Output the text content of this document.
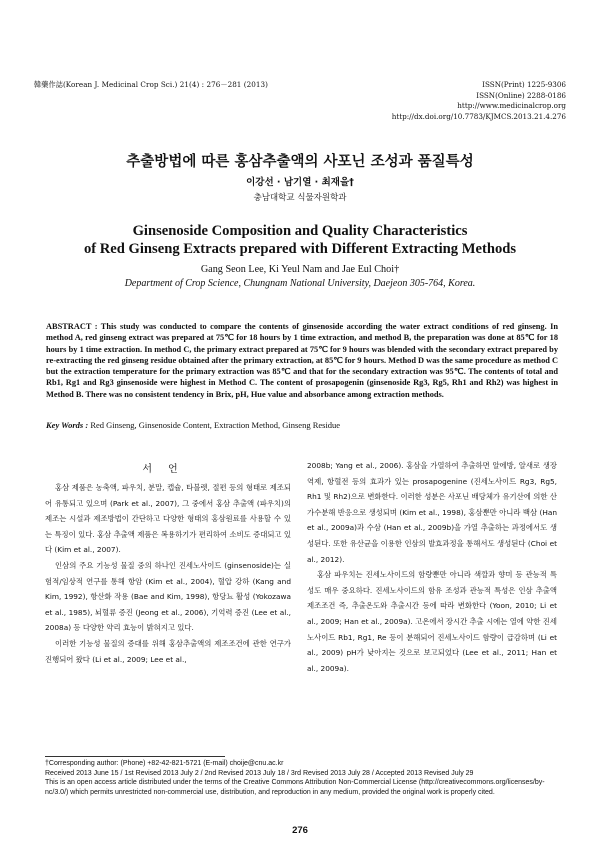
韓藥作誌(Korean J. Medicinal Crop Sci.) 21(4) : 276－281 (2013)	ISSN(Print) 1225-9306
ISSN(Online) 2288-0186
http://www.medicinalcrop.org
http://dx.doi.org/10.7783/KJMCS.2013.21.4.276
추출방법에 따른 홍삼추출액의 사포닌 조성과 품질특성
이강선 · 남기열 · 최재을†
충남대학교 식물자원학과
Ginsenoside Composition and Quality Characteristics
of Red Ginseng Extracts prepared with Different Extracting Methods
Gang Seon Lee, Ki Yeul Nam and Jae Eul Choi†
Department of Crop Science, Chungnam National University, Daejeon 305-764, Korea.
ABSTRACT : This study was conducted to compare the contents of ginsenoside according the water extract conditions of red ginseng. In method A, red ginseng extract was prepared at 75℃ for 18 hours by 1 time extraction, and method B, the preparation was done at 85℃ for 18 hours by 1 time extraction. In method C, the primary extract prepared at 75℃ for 9 hours was blended with the secondary extract prepared by re-extracting the red ginseng residue obtained after the primary extraction, at 85℃ for 9 hours. Method D was the same procedure as method C but the extraction temperature for the primary extraction was 85℃ and that for the secondary extraction was 95℃. The contents of total and Rb1, Rg1 and Rg3 ginsenoside were highest in Method C. The content of prosapogenin (ginsenoside Rg3, Rg5, Rh1 and Rh2) was highest in Method B. There was no consistent tendency in Brix, pH, Hue value and absorbance among extraction methods.
Key Words : Red Ginseng, Ginsenoside Content, Extraction Method, Ginseng Residue
서언

홍삼 제품은 농축액, 파우치, 분말, 캡슐, 타블렛, 절편 등의 형태로 제조되어 유통되고 있으며 (Park et al., 2007), 그 중에서 홍삼 추출액 (파우치)의 제조는 시설과 제조방법이 간단하고 다양한 형태의 홍삼원료를 사용할 수 있는 특징이 있다. 홍삼 추출액 제품은 복용하기가 편리하여 소비도 증대되고 있다 (Kim et al., 2007).

인삼의 주요 기능성 물질 중의 하나인 진세노사이드 (ginsenoside)는 실험적/임상적 연구를 통해 항암 (Kim et al., 2004), 혈압 강하 (Kang and Kim, 1992), 항산화 작용 (Bae and Kim, 1998), 항당뇨 활성 (Yokozawa et al., 1985), 뇌혈류 증진 (Jeong et al., 2006), 기억력 증진 (Lee et al., 2008a) 등 다양한 약리 효능이 밝혀지고 있다.

이러한 기능성 물질의 증대를 위해 홍삼추출액의 제조조건에 관한 연구가 진행되어 왔다 (Li et al., 2009; Lee et al.,

2008b; Yang et al., 2006). 홍삼을 가열하여 추출하면 알에방, 알새로 생장역제, 항혈전 등의 효과가 있는 prosapogenine (진세노사이드 Rg3, Rg5, Rh1 및 Rh2)으로 변화한다. 이러한 성분은 사포닌 배당체가 유기산에 의한 산 가수분해 반응으로 생성되며 (Kim et al., 1998), 홍삼뿐만 아니라 백삼 (Han et al., 2009a)과 수삼 (Han et al., 2009b)을 가열 추출하는 과정에서도 생성된다. 또한 유산균을 이용한 인삼의 발효과정을 통해서도 생성된다 (Choi et al., 2012).

홍삼 파우치는 진세노사이드의 함량뿐만 아니라 색깔과 향미 등 관능적 특성도 매우 중요하다. 진세노사이드의 함유 조성과 관능적 특성은 인삼 추출액 제조조건 즉, 추출온도와 추출시간 등에 따라 변화한다 (Yoon, 2010; Li et al., 2009; Han et al., 2009a). 고온에서 장시간 추출 시에는 열에 약한 진세노사이드 Rb1, Rg1, Re 등이 분해되어 진세노사이드 함량이 급감하며 (Li et al., 2009) pH가 낮아지는 것으로 보고되었다 (Lee et al., 2011; Han et al., 2009a).

†Corresponding author: (Phone) +82-42-821-5721 (E-mail) choije@cnu.ac.kr
Received 2013 June 15 / 1st Revised 2013 July 2 / 2nd Revised 2013 July 18 / 3rd Revised 2013 July 28 / Accepted 2013 Revised July 29
This is an open access article distributed under the terms of the Creative Commons Attribution Non-Commercial License (http://creativecommons.org/licenses/by-nc/3.0/) which permits unrestricted non-commercial use, distribution, and reproduction in any medium, provided the original work is properly cited.
276
